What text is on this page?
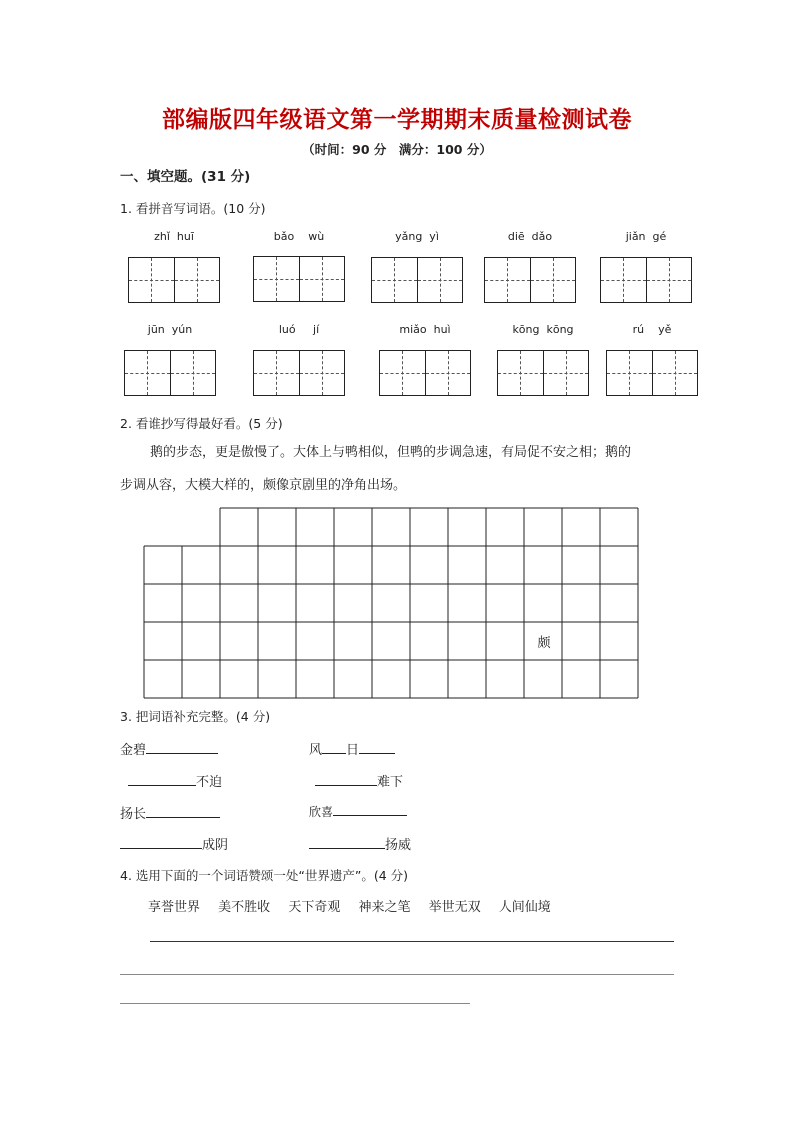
部编版四年级语文第一学期期末质量检测试卷
（时间：90 分　满分：100 分）
一、填空题。(31 分)
1. 看拼音写词语。(10 分)
zhǐ  huī	bǎo    wù	yǎng  yì	diē  dǎo	jiǎn  gé
jūn  yún	luó     jí	miǎo  huì	kōng  kōng	rú    yě
2. 看谁抄写得最好看。(5 分)
鹅的步态，更是傲慢了。大体上与鸭相似，但鸭的步调急速，有局促不安之相；鹅的
步调从容，大模大样的，颇像京剧里的净角出场。
颇
3. 把词语补充完整。(4 分)
金碧	风 日
不迫	难下
扬长	欣喜
成阴	扬威
4. 选用下面的一个词语赞颂一处“世界遗产”。(4 分)
享誉世界 美不胜收 天下奇观 神来之笔 举世无双 人间仙境
